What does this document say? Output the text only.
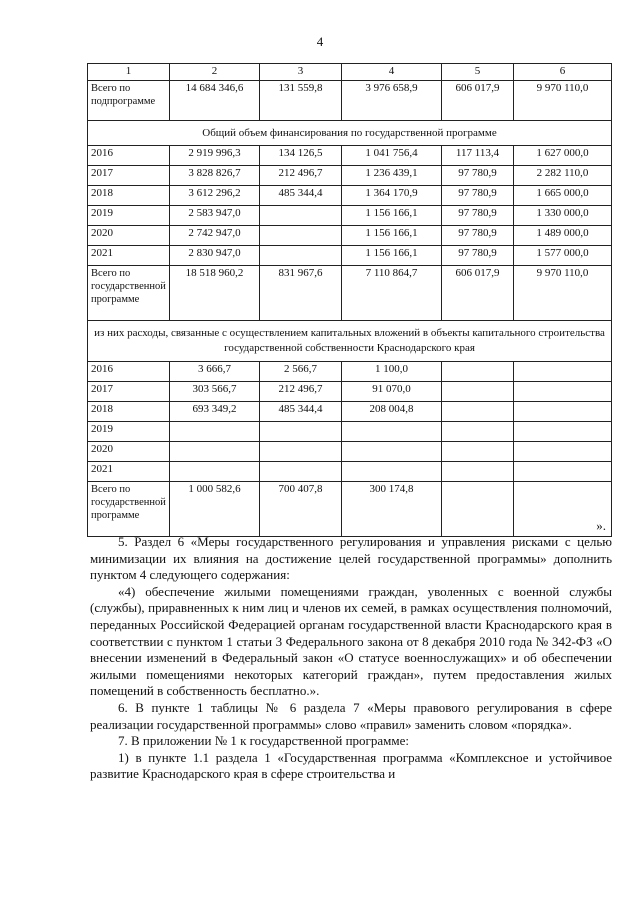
4
1	2	3	4	5	6
Всего по подпрограмме	14 684 346,6	131 559,8	3 976 658,9	606 017,9	9 970 110,0
Общий объем финансирования по государственной программе					
2016	2 919 996,3	134 126,5	1 041 756,4	117 113,4	1 627 000,0
2017	3 828 826,7	212 496,7	1 236 439,1	97 780,9	2 282 110,0
2018	3 612 296,2	485 344,4	1 364 170,9	97 780,9	1 665 000,0
2019	2 583 947,0		1 156 166,1	97 780,9	1 330 000,0
2020	2 742 947,0		1 156 166,1	97 780,9	1 489 000,0
2021	2 830 947,0		1 156 166,1	97 780,9	1 577 000,0
Всего по государственной программе	18 518 960,2	831 967,6	7 110 864,7	606 017,9	9 970 110,0
из них расходы, связанные с осуществлением капитальных вложений в объекты капитального строительства государственной собственности Краснодарского края					
2016	3 666,7	2 566,7	1 100,0		
2017	303 566,7	212 496,7	91 070,0		
2018	693 349,2	485 344,4	208 004,8		
2019					
2020					
2021					
Всего по государственной программе	1 000 582,6	700 407,8	300 174,8		
».

5. Раздел 6 «Меры государственного регулирования и управления рисками с целью минимизации их влияния на достижение целей государственной программы» дополнить пунктом 4 следующего содержания:

«4) обеспечение жилыми помещениями граждан, уволенных с военной службы (службы), приравненных к ним лиц и членов их семей, в рамках осуществления полномочий, переданных Российской Федерацией органам государственной власти Краснодарского края в соответствии с пунктом 1 статьи 3 Федерального закона от 8 декабря 2010 года № 342-ФЗ «О внесении изменений в Федеральный закон «О статусе военнослужащих» и об обеспечении жилыми помещениями некоторых категорий граждан», путем предоставления жилых помещений в собственность бесплатно.».

6. В пункте 1 таблицы № 6 раздела 7 «Меры правового регулирования в сфере реализации государственной программы» слово «правил» заменить словом «порядка».

7. В приложении № 1 к государственной программе:

1) в пункте 1.1 раздела 1 «Государственная программа «Комплексное и устойчивое развитие Краснодарского края в сфере строительства и
